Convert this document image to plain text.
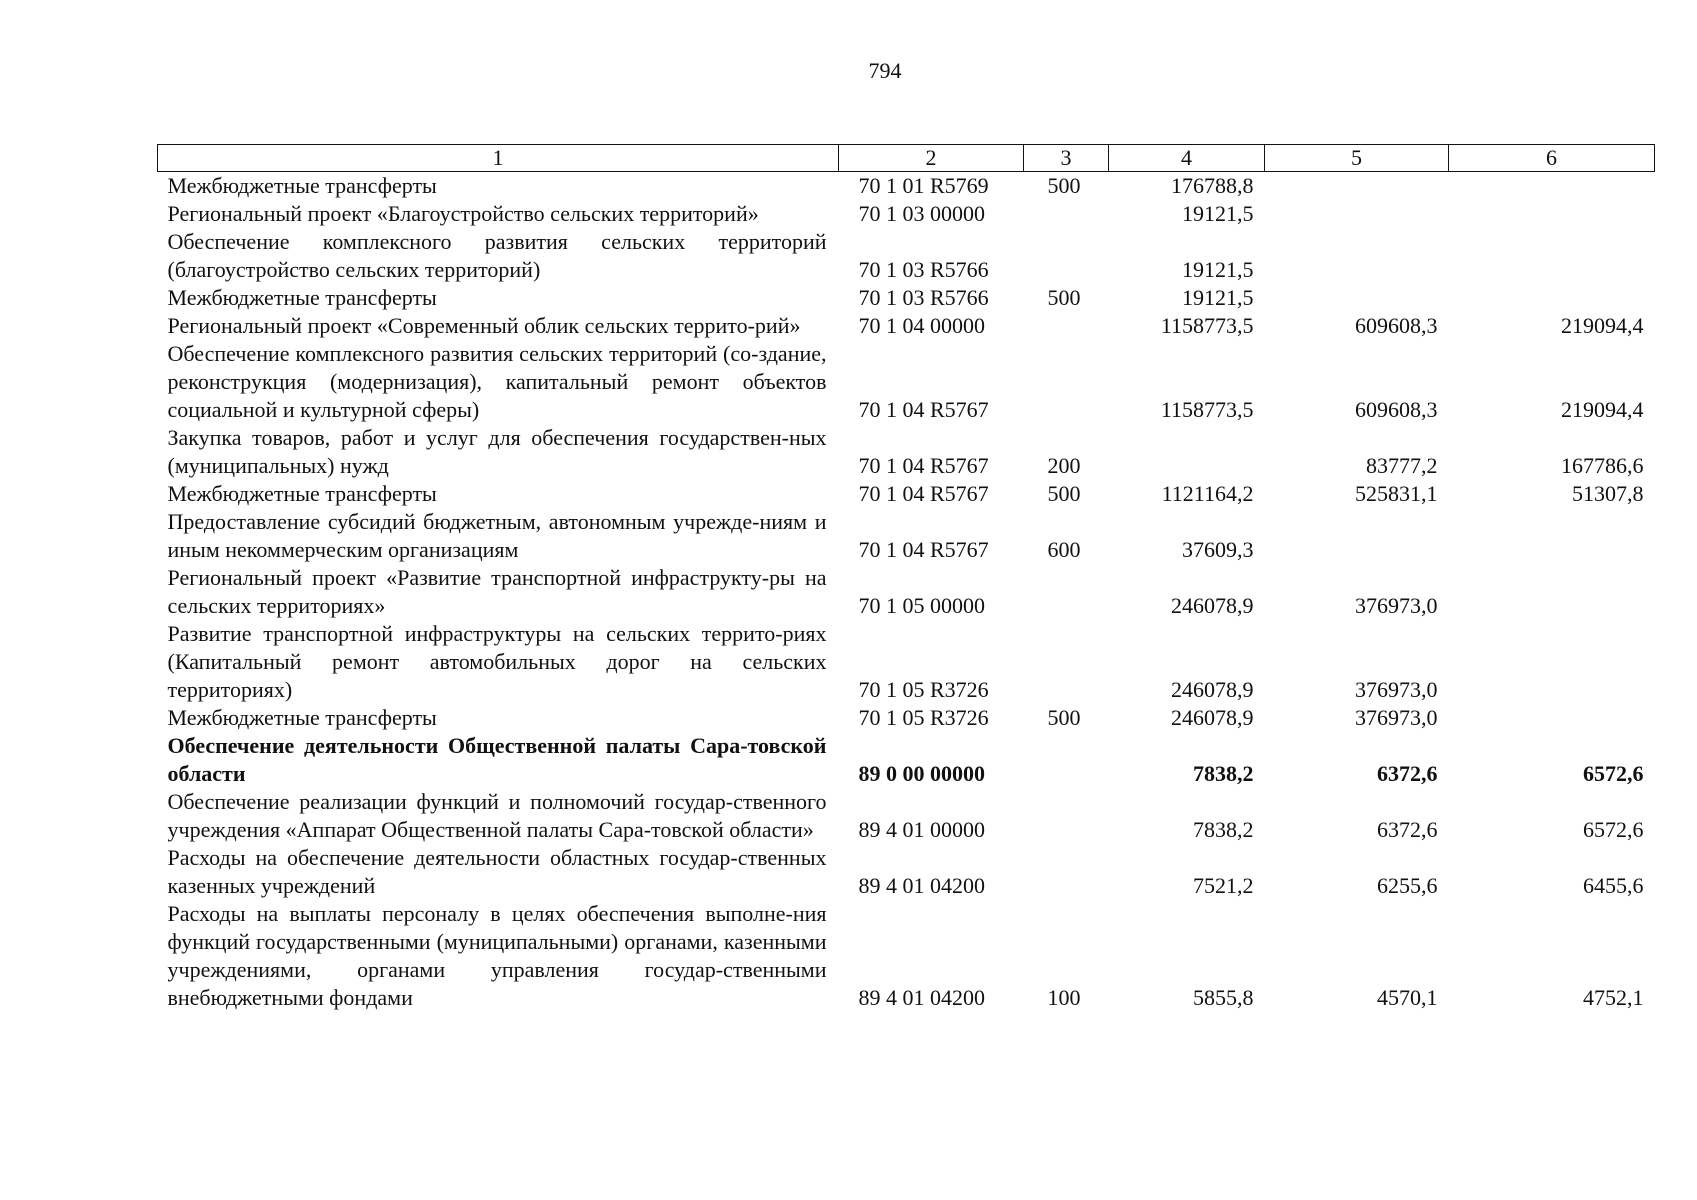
794
1	2	3	4	5	6
Межбюджетные трансферты	70 1 01 R5769	500	176788,8		
Региональный проект «Благоустройство сельских территорий»	70 1 03 00000		19121,5		
Обеспечение комплексного развития сельских территорий (благоустройство сельских территорий)	70 1 03 R5766		19121,5		
Межбюджетные трансферты	70 1 03 R5766	500	19121,5		
Региональный проект «Современный облик сельских террито-рий»	70 1 04 00000		1158773,5	609608,3	219094,4
Обеспечение комплексного развития сельских территорий (со-здание, реконструкция (модернизация), капитальный ремонт объектов социальной и культурной сферы)	70 1 04 R5767		1158773,5	609608,3	219094,4
Закупка товаров, работ и услуг для обеспечения государствен-ных (муниципальных) нужд	70 1 04 R5767	200		83777,2	167786,6
Межбюджетные трансферты	70 1 04 R5767	500	1121164,2	525831,1	51307,8
Предоставление субсидий бюджетным, автономным учрежде-ниям и иным некоммерческим организациям	70 1 04 R5767	600	37609,3		
Региональный проект «Развитие транспортной инфраструкту-ры на сельских территориях»	70 1 05 00000		246078,9	376973,0	
Развитие транспортной инфраструктуры на сельских террито-риях (Капитальный ремонт автомобильных дорог на сельских территориях)	70 1 05 R3726		246078,9	376973,0	
Межбюджетные трансферты	70 1 05 R3726	500	246078,9	376973,0	
Обеспечение деятельности Общественной палаты Сара-товской области	89 0 00 00000		7838,2	6372,6	6572,6
Обеспечение реализации функций и полномочий государ-ственного учреждения «Аппарат Общественной палаты Сара-товской области»	89 4 01 00000		7838,2	6372,6	6572,6
Расходы на обеспечение деятельности областных государ-ственных казенных учреждений	89 4 01 04200		7521,2	6255,6	6455,6
Расходы на выплаты персоналу в целях обеспечения выполне-ния функций государственными (муниципальными) органами, казенными учреждениями, органами управления государ-ственными внебюджетными фондами	89 4 01 04200	100	5855,8	4570,1	4752,1
